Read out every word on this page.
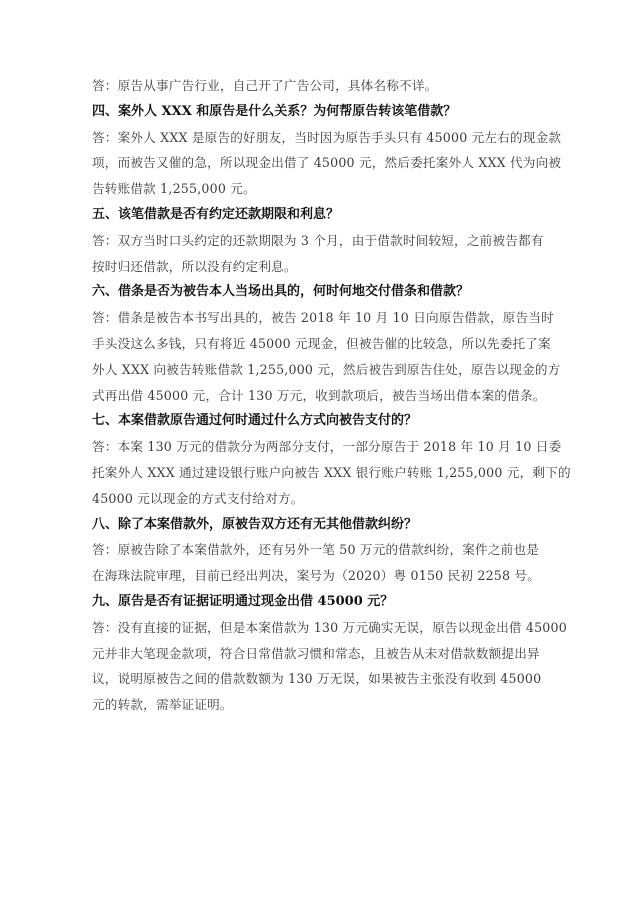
答：原告从事广告行业，自己开了广告公司，具体名称不详。
四、案外人 XXX 和原告是什么关系？为何帮原告转该笔借款？
答：案外人 XXX 是原告的好朋友，当时因为原告手头只有 45000 元左右的现金款
项，而被告又催的急，所以现金出借了 45000 元，然后委托案外人 XXX 代为向被
告转账借款 1,255,000 元。
五、该笔借款是否有约定还款期限和利息？
答：双方当时口头约定的还款期限为 3 个月，由于借款时间较短，之前被告都有
按时归还借款，所以没有约定利息。
六、借条是否为被告本人当场出具的，何时何地交付借条和借款？
答：借条是被告本书写出具的，被告 2018 年 10 月 10 日向原告借款，原告当时
手头没这么多钱，只有将近 45000 元现金，但被告催的比较急，所以先委托了案
外人 XXX 向被告转账借款 1,255,000 元，然后被告到原告住处，原告以现金的方
式再出借 45000 元，合计 130 万元，收到款项后，被告当场出借本案的借条。
七、本案借款原告通过何时通过什么方式向被告支付的？
答：本案 130 万元的借款分为两部分支付，一部分原告于 2018 年 10 月 10 日委
托案外人 XXX 通过建设银行账户向被告 XXX 银行账户转账 1,255,000 元，剩下的
45000 元以现金的方式支付给对方。
八、除了本案借款外，原被告双方还有无其他借款纠纷？
答：原被告除了本案借款外，还有另外一笔 50 万元的借款纠纷，案件之前也是
在海珠法院审理，目前已经出判决，案号为（2020）粤 0150 民初 2258 号。
九、原告是否有证据证明通过现金出借 45000 元？
答：没有直接的证据，但是本案借款为 130 万元确实无误，原告以现金出借 45000
元并非大笔现金款项，符合日常借款习惯和常态，且被告从未对借款数额提出异
议，说明原被告之间的借款数额为 130 万无误，如果被告主张没有收到 45000
元的转款，需举证证明。
